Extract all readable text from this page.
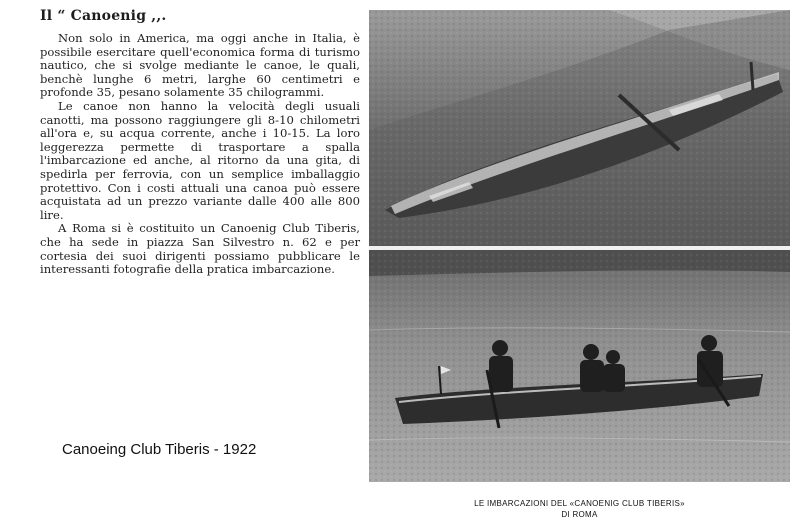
Il “ Canoenig ,,.

Non solo in America, ma oggi anche in Italia, è possibile esercitare quell'economica forma di turismo nautico, che si svolge mediante le canoe, le quali, benchè lunghe 6 metri, larghe 60 centimetri e profonde 35, pesano solamente 35 chilogrammi.

Le canoe non hanno la velocità degli usuali canotti, ma possono raggiungere gli 8-10 chilometri all'ora e, su acqua corrente, anche i 10-15. La loro leggerezza permette di trasportare a spalla l'imbarcazione ed anche, al ritorno da una gita, di spedirla per ferrovia, con un semplice imballaggio protettivo. Con i costi attuali una canoa può essere acquistata ad un prezzo variante dalle 400 alle 800 lire.

A Roma si è costituito un Canoenig Club Tiberis, che ha sede in piazza San Silvestro n. 62 e per cortesia dei suoi dirigenti possiamo pubblicare le interessanti fotografie della pratica imbarcazione.

Canoeing Club Tiberis - 1922
LE IMBARCAZIONI DEL «CANOENIG CLUB TIBERIS»
DI ROMA
